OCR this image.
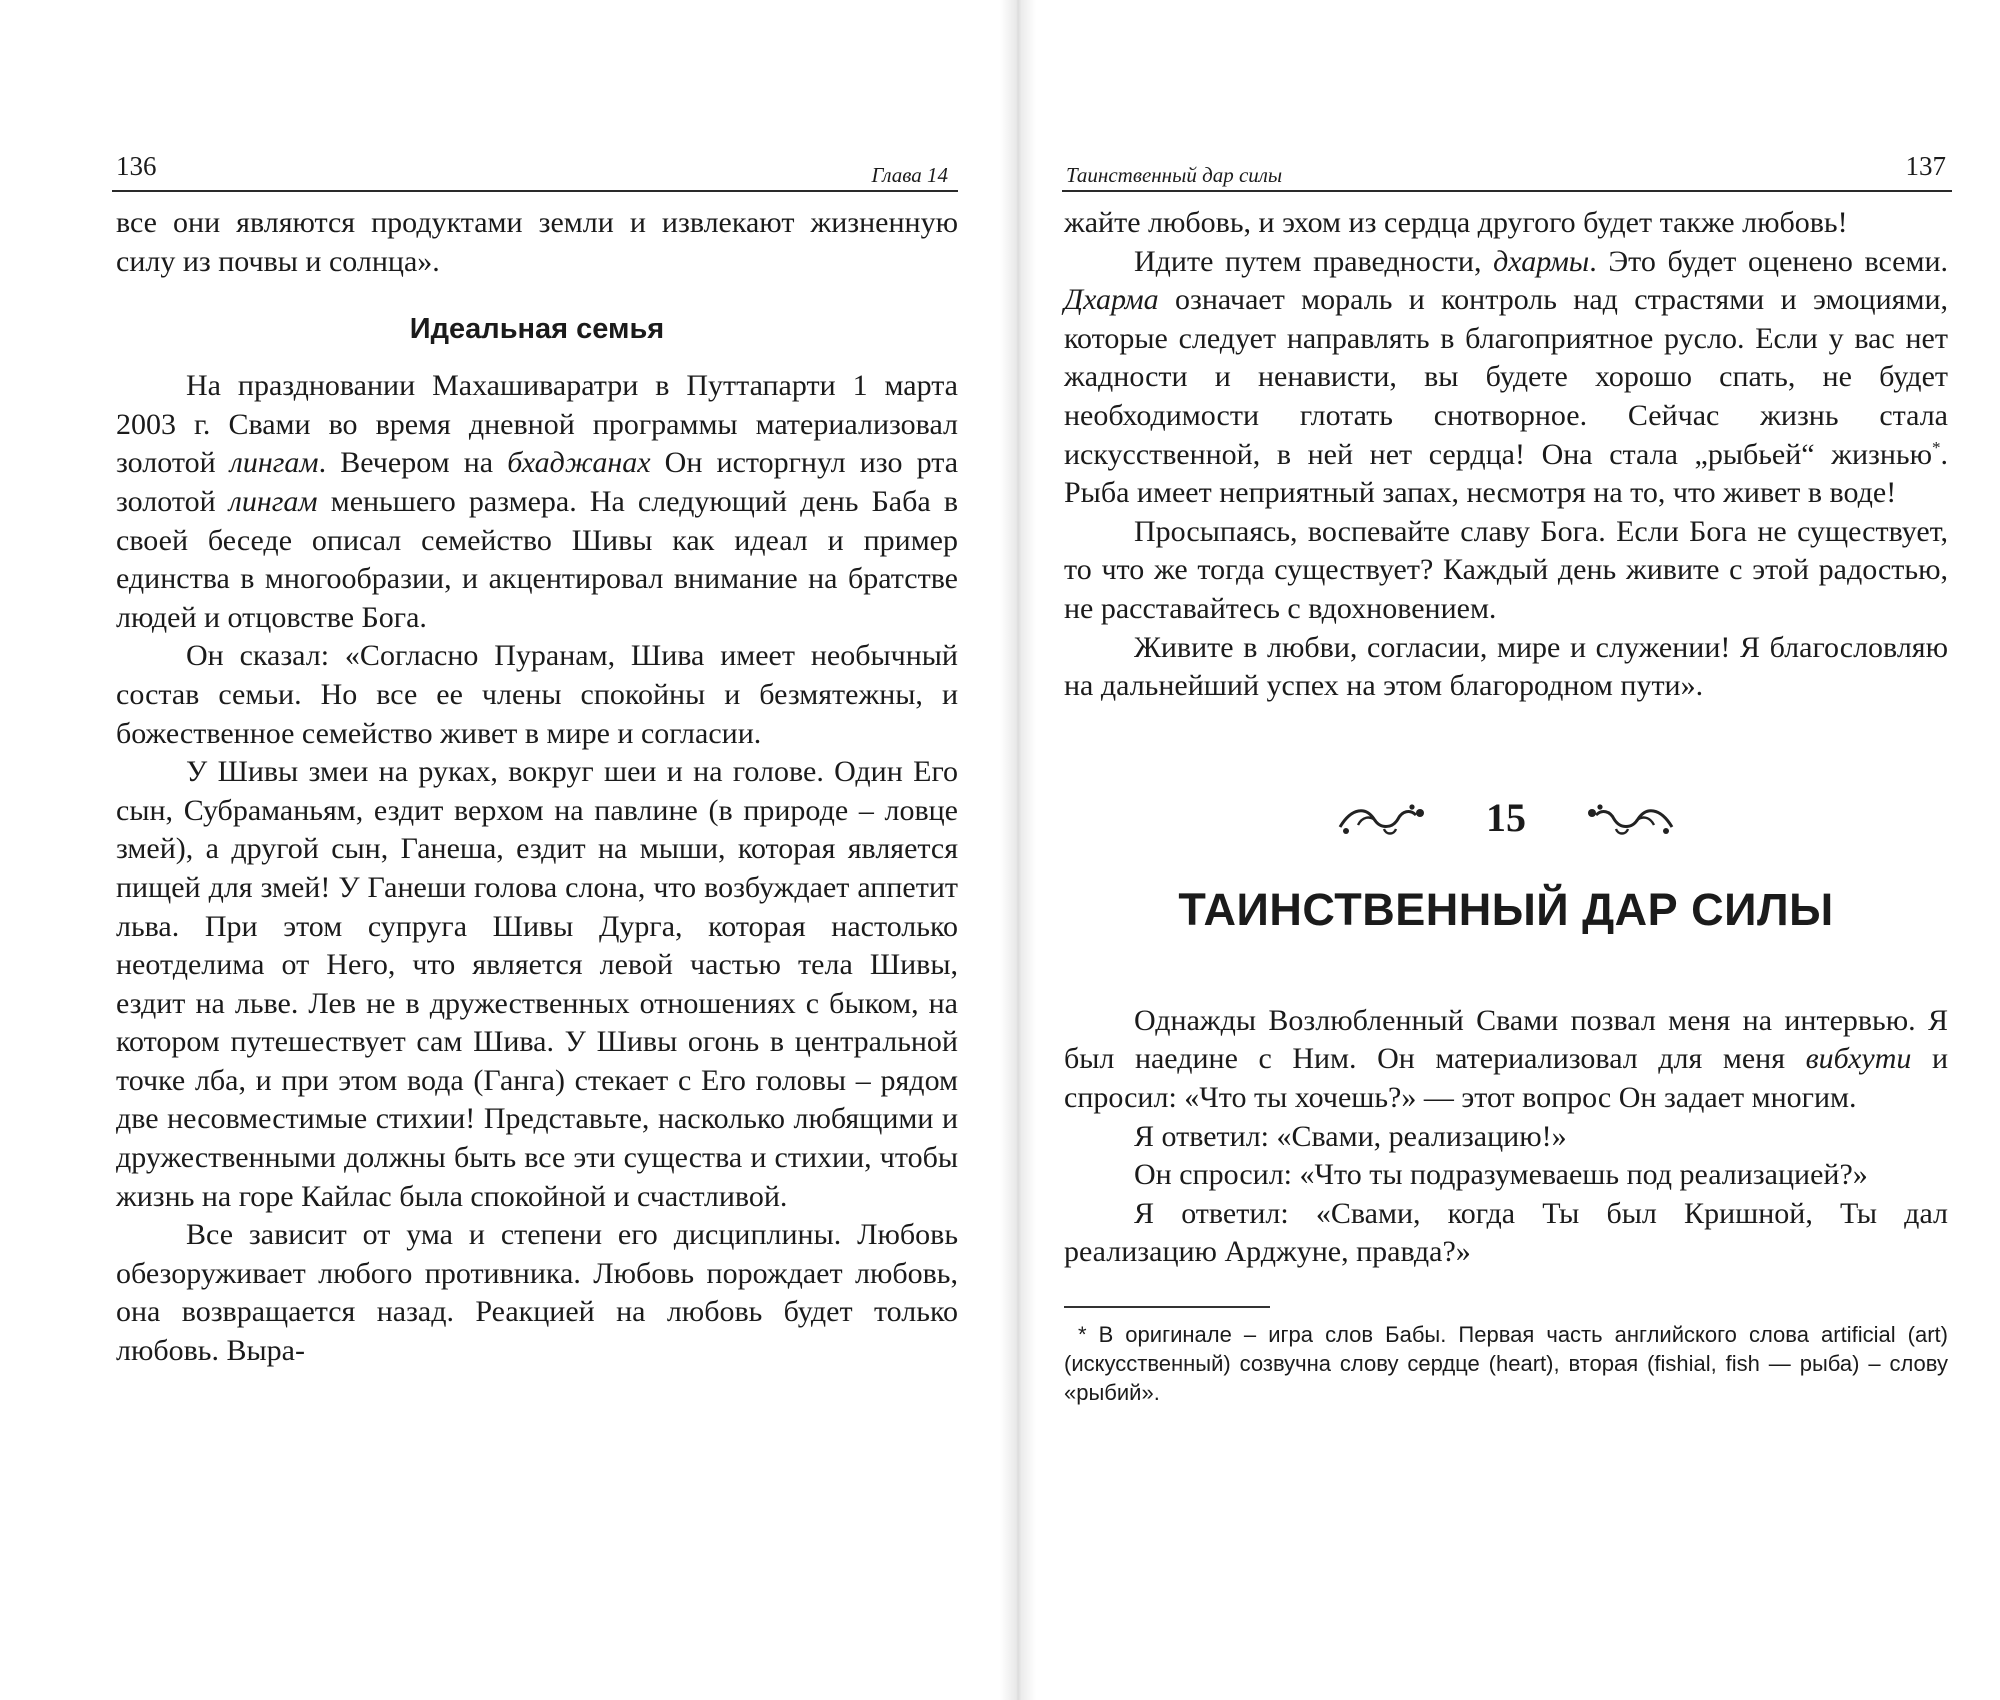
136	Глава 14

все они являются продуктами земли и извлекают жизненную силу из почвы и солнца».

Идеальная семья

На праздновании Махашиваратри в Путтапарти 1 марта 2003 г. Свами во время дневной программы материализовал золотой лингам. Вечером на бхаджанах Он исторгнул изо рта золотой лингам меньшего размера. На следующий день Баба в своей беседе описал семейство Шивы как идеал и пример единства в многообразии, и акцентировал внимание на братстве людей и отцовстве Бога.

Он сказал: «Согласно Пуранам, Шива имеет необычный состав семьи. Но все ее члены спокойны и безмятежны, и божественное семейство живет в мире и согласии.

У Шивы змеи на руках, вокруг шеи и на голове. Один Его сын, Субраманьям, ездит верхом на павлине (в природе – ловце змей), а другой сын, Ганеша, ездит на мыши, которая является пищей для змей! У Ганеши голова слона, что возбуждает аппетит льва. При этом супруга Шивы Дурга, которая настолько неотделима от Него, что является левой частью тела Шивы, ездит на льве. Лев не в дружественных отношениях с быком, на котором путешествует сам Шива. У Шивы огонь в центральной точке лба, и при этом вода (Ганга) стекает с Его головы – рядом две несовместимые стихии! Представьте, насколько любящими и дружественными должны быть все эти существа и стихии, чтобы жизнь на горе Кайлас была спокойной и счастливой.

Все зависит от ума и степени его дисциплины. Любовь обезоруживает любого противника. Любовь порождает любовь, она возвращается назад. Реакцией на любовь будет только любовь. Выра-

Таинственный дар силы	137

жайте любовь, и эхом из сердца другого будет также любовь!

Идите путем праведности, дхармы. Это будет оценено всеми. Дхарма означает мораль и контроль над страстями и эмоциями, которые следует направлять в благоприятное русло. Если у вас нет жадности и ненависти, вы будете хорошо спать, не будет необходимости глотать снотворное. Сейчас жизнь стала искусственной, в ней нет сердца! Она стала „рыбьей“ жизнью*. Рыба имеет неприятный запах, несмотря на то, что живет в воде!

Просыпаясь, воспевайте славу Бога. Если Бога не существует, то что же тогда существует? Каждый день живите с этой радостью, не расставайтесь с вдохновением.

Живите в любви, согласии, мире и служении! Я благословляю на дальнейший успех на этом благородном пути».

15
ТАИНСТВЕННЫЙ ДАР СИЛЫ

Однажды Возлюбленный Свами позвал меня на интервью. Я был наедине с Ним. Он материализовал для меня вибхути и спросил: «Что ты хочешь?» — этот вопрос Он задает многим.

Я ответил: «Свами, реализацию!»

Он спросил: «Что ты подразумеваешь под реализацией?»

Я ответил: «Свами, когда Ты был Кришной, Ты дал реализацию Арджуне, правда?»

* В оригинале – игра слов Бабы. Первая часть английского слова artificial (art) (искусственный) созвучна слову сердце (heart), вторая (fishial, fish — рыба) – слову «рыбий».
